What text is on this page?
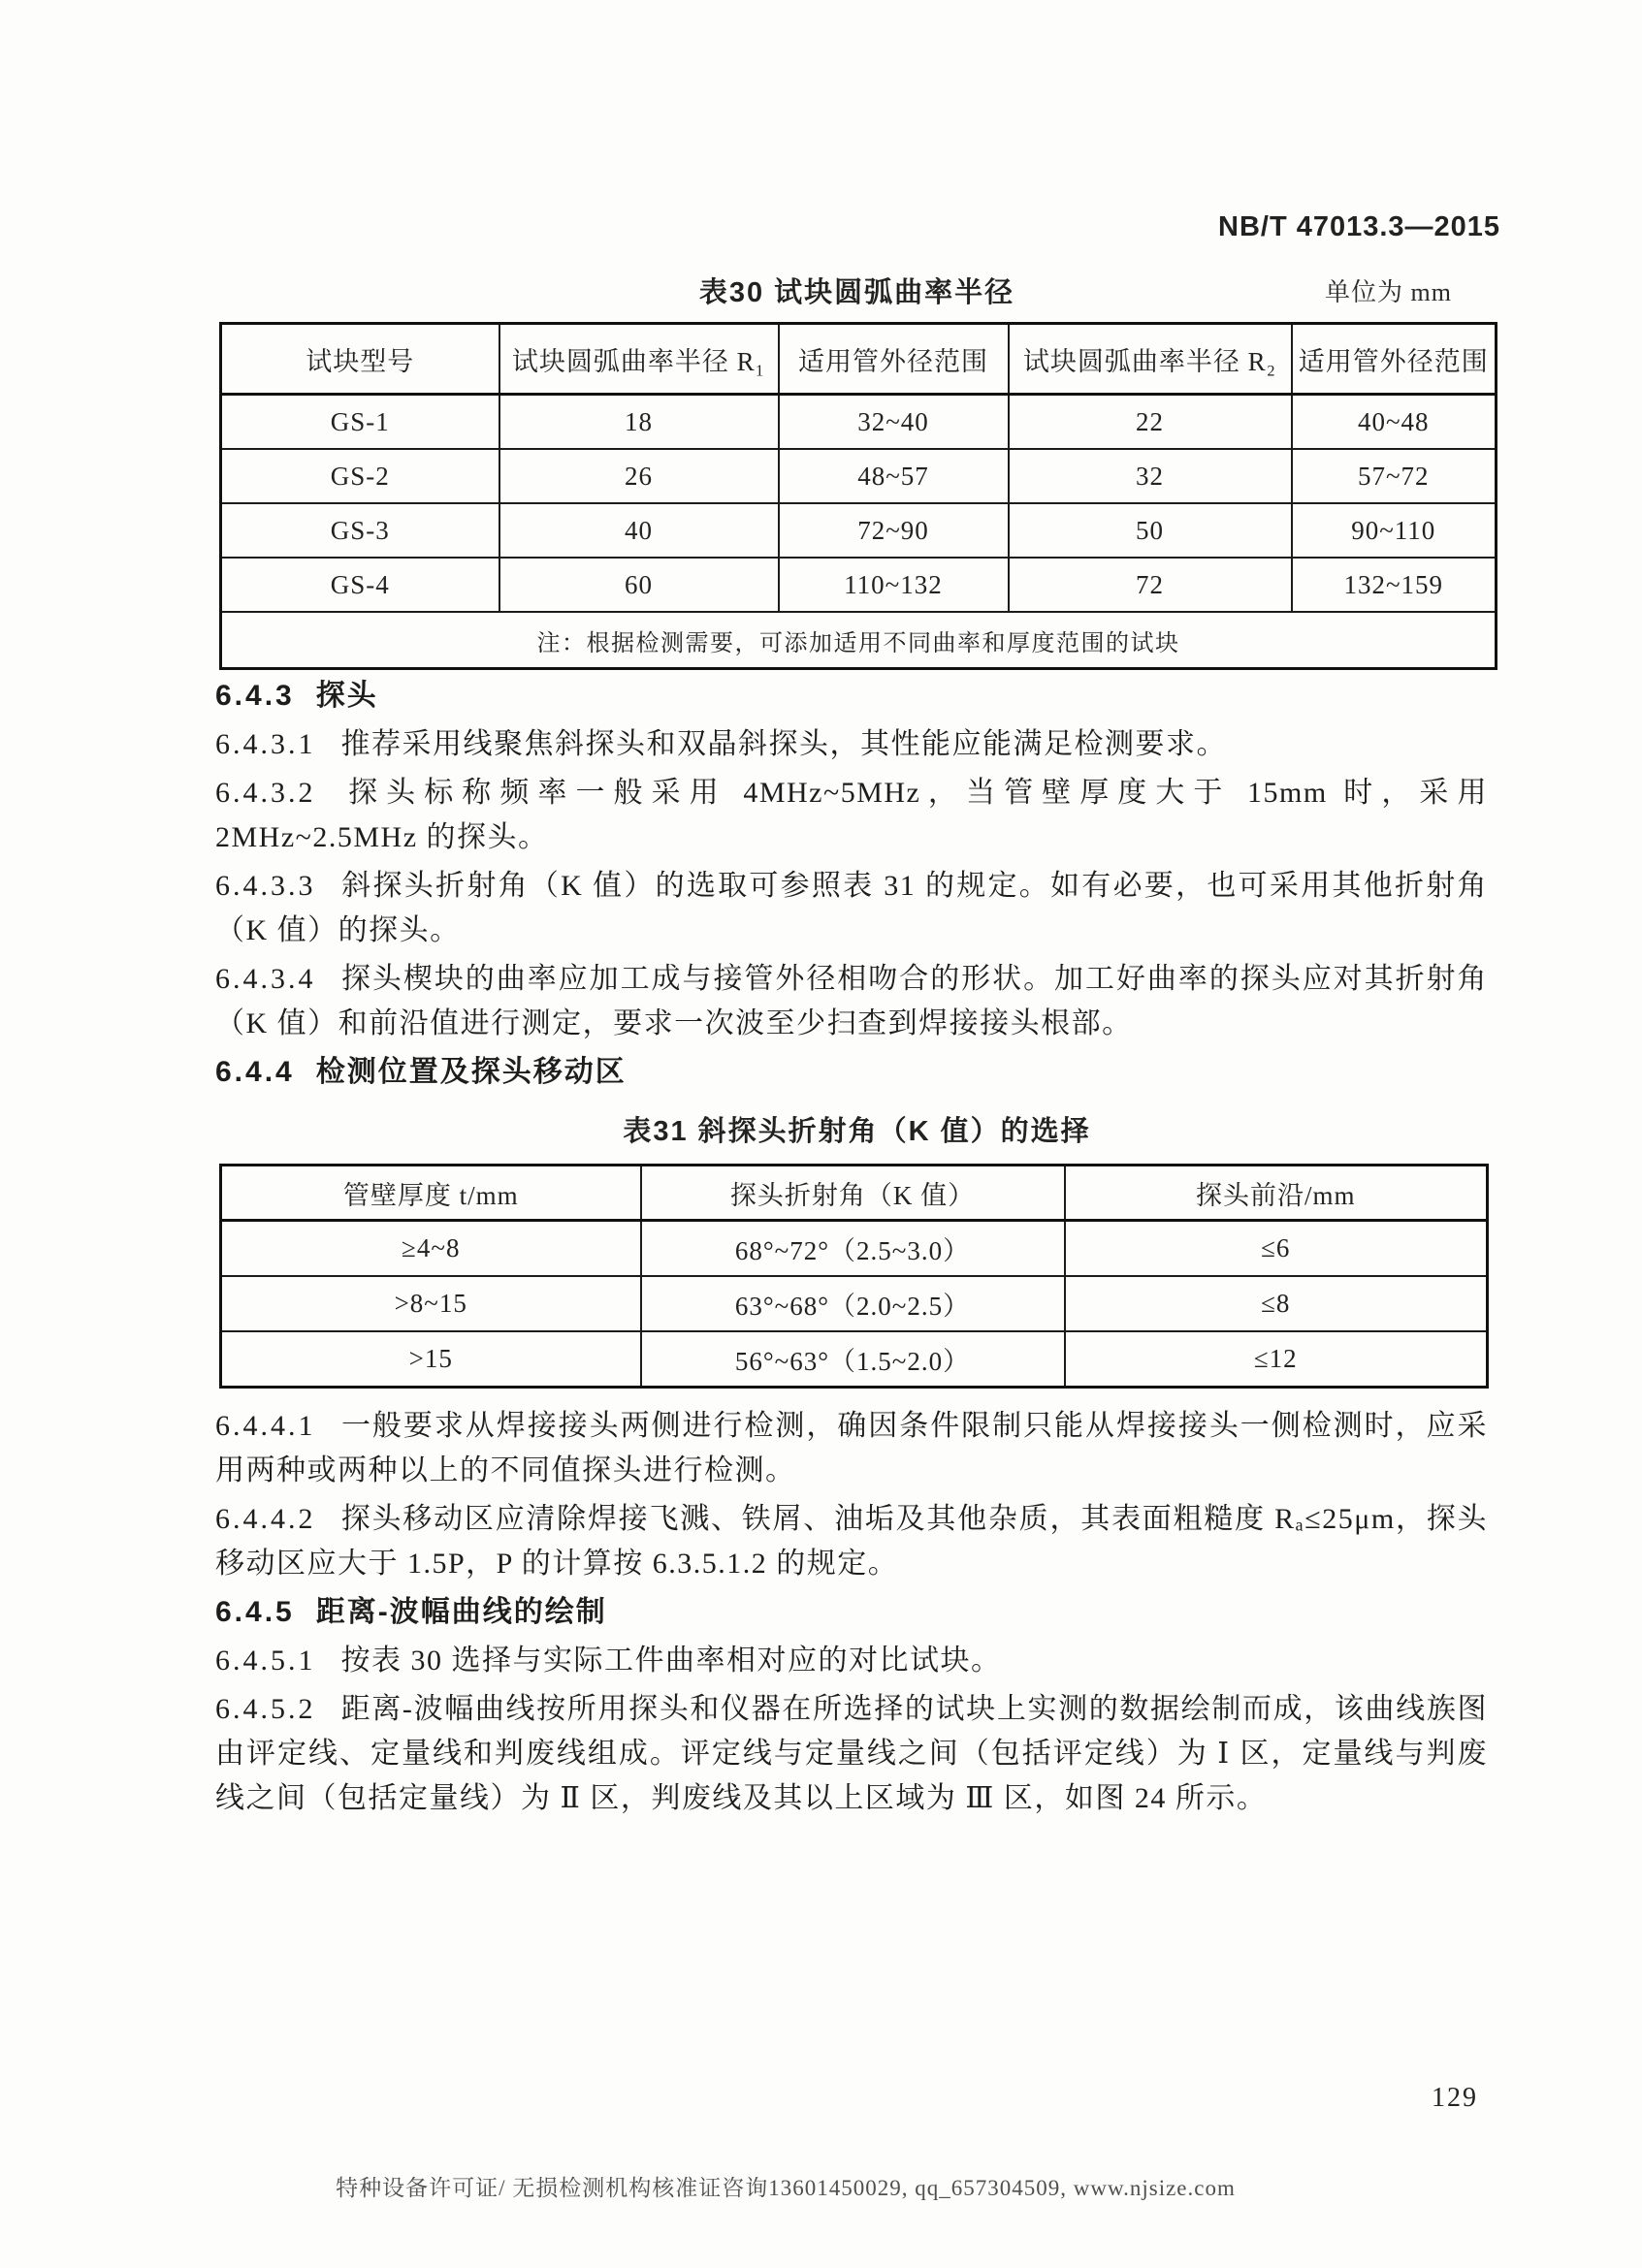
NB/T 47013.3—2015
表30 试块圆弧曲率半径	单位为 mm
试块型号	试块圆弧曲率半径 R₁	适用管外径范围	试块圆弧曲率半径 R₂	适用管外径范围
GS-1	18	32~40	22	40~48
GS-2	26	48~57	32	57~72
GS-3	40	72~90	50	90~110
GS-4	60	110~132	72	132~159
注：根据检测需要，可添加适用不同曲率和厚度范围的试块				

6.4.3 探头

6.4.3.1 推荐采用线聚焦斜探头和双晶斜探头，其性能应能满足检测要求。

6.4.3.2 探头标称频率一般采用 4MHz~5MHz，当管壁厚度大于 15mm 时，采用 2MHz~2.5MHz 的探头。

6.4.3.3 斜探头折射角（K 值）的选取可参照表 31 的规定。如有必要，也可采用其他折射角（K 值）的探头。

6.4.3.4 探头楔块的曲率应加工成与接管外径相吻合的形状。加工好曲率的探头应对其折射角（K 值）和前沿值进行测定，要求一次波至少扫查到焊接接头根部。

6.4.4 检测位置及探头移动区

表31 斜探头折射角（K 值）的选择
管壁厚度 t/mm	探头折射角（K 值）	探头前沿/mm
≥4~8	68°~72°（2.5~3.0）	≤6
>8~15	63°~68°（2.0~2.5）	≤8
>15	56°~63°（1.5~2.0）	≤12

6.4.4.1 一般要求从焊接接头两侧进行检测，确因条件限制只能从焊接接头一侧检测时，应采用两种或两种以上的不同值探头进行检测。

6.4.4.2 探头移动区应清除焊接飞溅、铁屑、油垢及其他杂质，其表面粗糙度 Rₐ≤25μm，探头移动区应大于 1.5P，P 的计算按 6.3.5.1.2 的规定。

6.4.5 距离-波幅曲线的绘制

6.4.5.1 按表 30 选择与实际工件曲率相对应的对比试块。

6.4.5.2 距离-波幅曲线按所用探头和仪器在所选择的试块上实测的数据绘制而成，该曲线族图由评定线、定量线和判废线组成。评定线与定量线之间（包括评定线）为 Ⅰ 区，定量线与判废线之间（包括定量线）为 Ⅱ 区，判废线及其以上区域为 Ⅲ 区，如图 24 所示。

129
特种设备许可证/ 无损检测机构核准证咨询13601450029, qq_657304509, www.njsize.com
